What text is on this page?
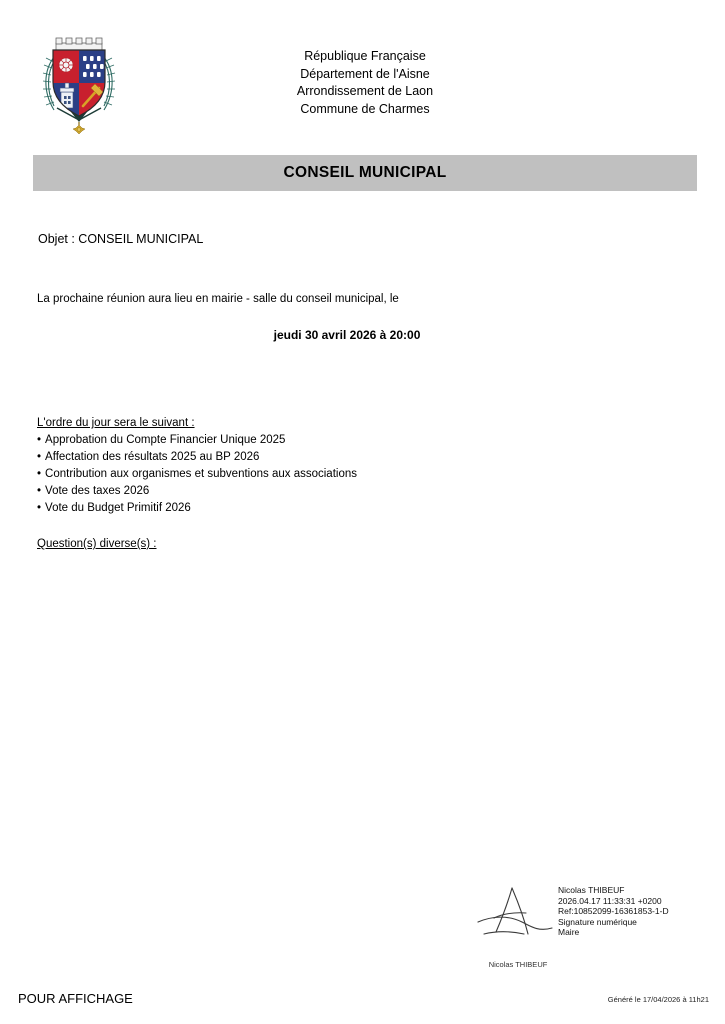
République Française
Département de l'Aisne
Arrondissement de Laon
Commune de Charmes
CONSEIL MUNICIPAL
Objet : CONSEIL MUNICIPAL
La prochaine réunion aura lieu en mairie - salle du conseil municipal, le
jeudi 30 avril 2026 à 20:00
L'ordre du jour sera le suivant :
• Approbation du Compte Financier Unique 2025
• Affectation des résultats 2025 au BP 2026
• Contribution aux organismes et subventions aux associations
• Vote des taxes 2026
• Vote du Budget Primitif 2026
Question(s) diverse(s) :
Nicolas THIBEUF
Nicolas THIBEUF
2026.04.17 11:33:31 +0200
Ref:10852099-16361853-1-D
Signature numérique
Maire
POUR AFFICHAGE	Généré le 17/04/2026 à 11h21
